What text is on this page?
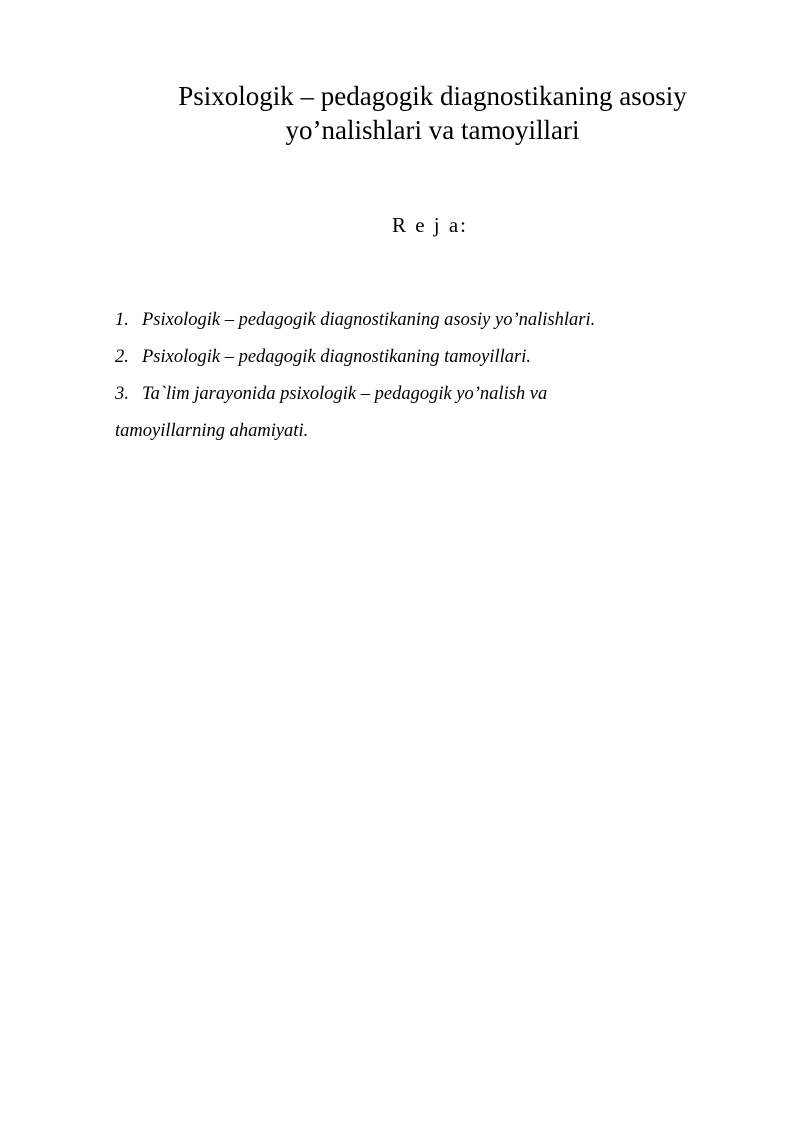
Psixologik – pedagogik diagnostikaning asosiy
yo’nalishlari va tamoyillari
R e j a:
1. Psixologik – pedagogik diagnostikaning asosiy yo’nalishlari.
2. Psixologik – pedagogik diagnostikaning tamoyillari.
3. Ta`lim jarayonida psixologik – pedagogik yo’nalish va
tamoyillarning ahamiyati.
